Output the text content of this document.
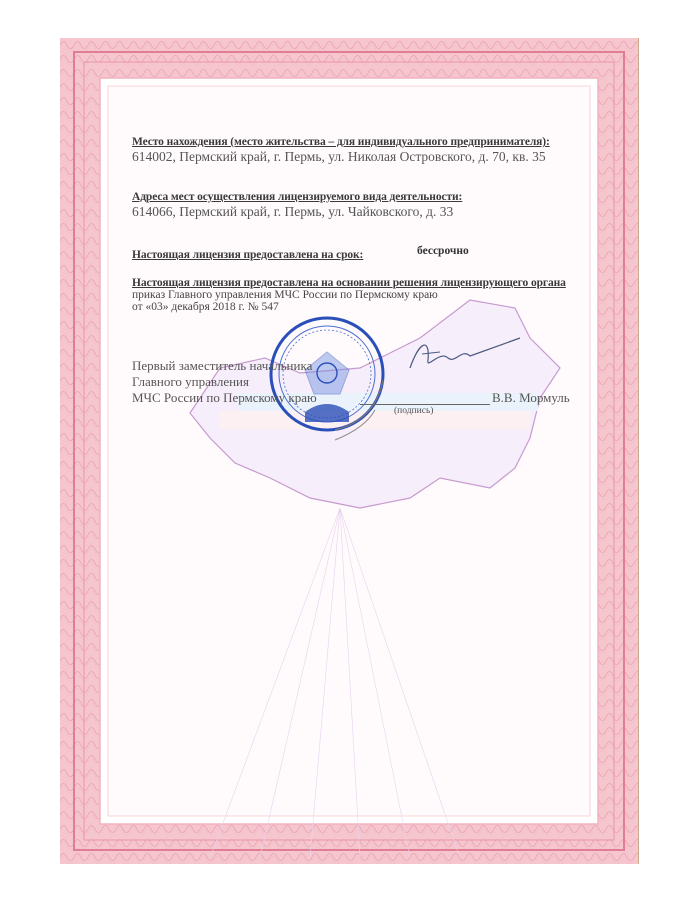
Место нахождения (место жительства – для индивидуального предпринимателя):
614002, Пермский край, г. Пермь, ул. Николая Островского, д. 70, кв. 35
Адреса мест осуществления лицензируемого вида деятельности:
614066, Пермский край, г. Пермь, ул. Чайковского, д. 33
Настоящая лицензия предоставлена на срок:	бессрочно
Настоящая лицензия предоставлена на основании решения лицензирующего органа
приказ Главного управления МЧС России по Пермскому краю
от «03» декабря 2018 г. № 547
Первый заместитель начальника
Главного управления
МЧС России по Пермскому краю
(подпись)
В.В. Мормуль
